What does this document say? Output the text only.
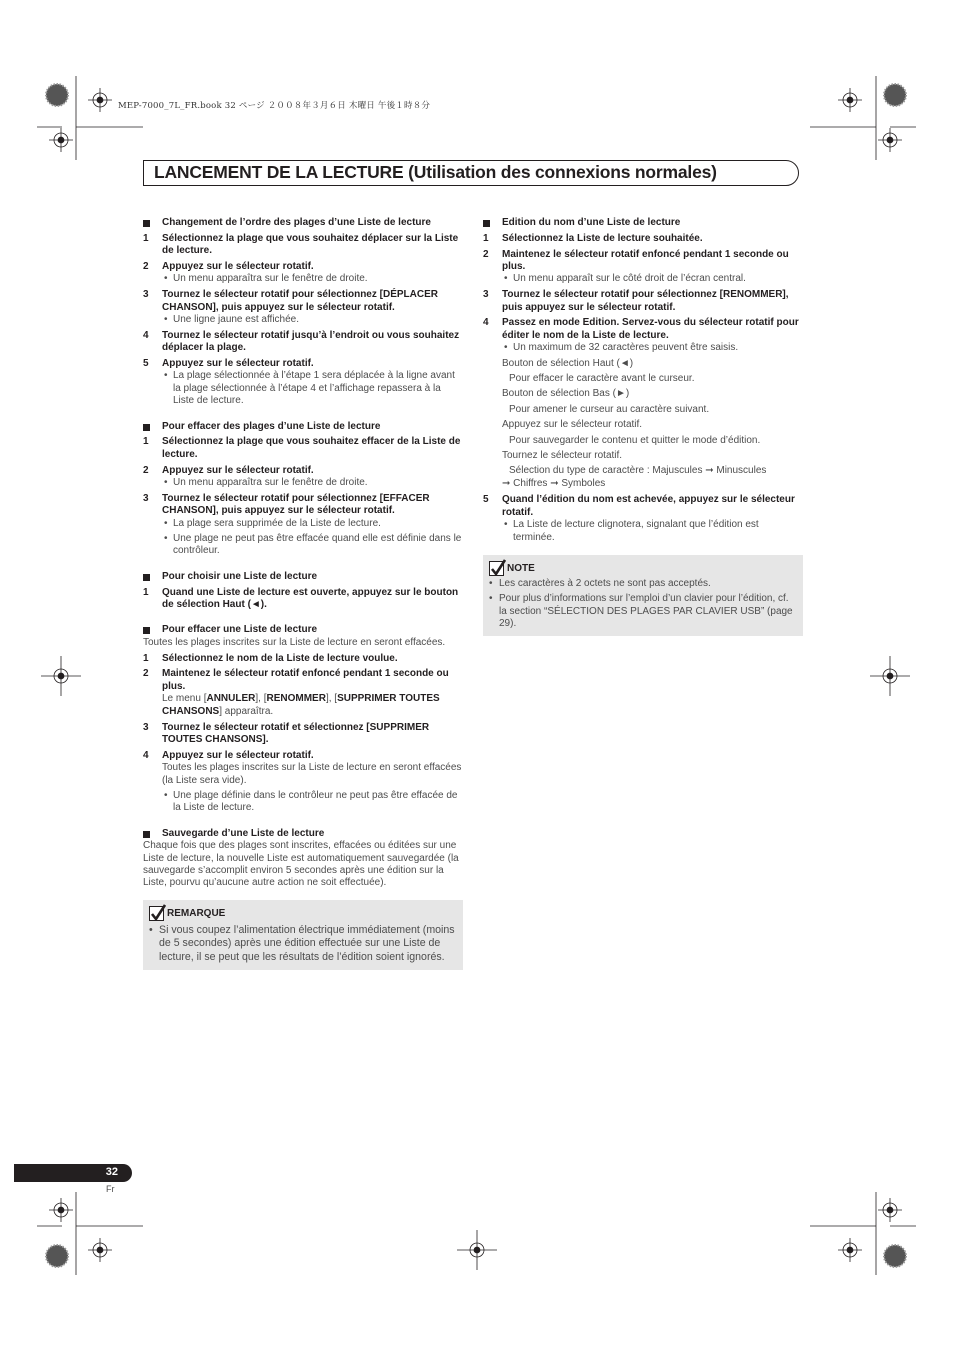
MEP-7000_7L_FR.book 32 ページ ２００８年３月６日 木曜日 午後１時８分
LANCEMENT DE LA LECTURE (Utilisation des connexions normales)
Changement de l’ordre des plages d’une Liste de lecture
1 Sélectionnez la plage que vous souhaitez déplacer sur la Liste de lecture.
2 Appuyez sur le sélecteur rotatif.
• Un menu apparaîtra sur le fenêtre de droite.
3 Tournez le sélecteur rotatif pour sélectionnez [DÉPLACER CHANSON], puis appuyez sur le sélecteur rotatif.
• Une ligne jaune est affichée.
4 Tournez le sélecteur rotatif jusqu’à l’endroit ou vous souhaitez déplacer la plage.
5 Appuyez sur le sélecteur rotatif.
• La plage sélectionnée à l’étape 1 sera déplacée à la ligne avant la plage sélectionnée à l’étape 4 et l’affichage repassera à la Liste de lecture.
Pour effacer des plages d’une Liste de lecture
1 Sélectionnez la plage que vous souhaitez effacer de la Liste de lecture.
2 Appuyez sur le sélecteur rotatif.
• Un menu apparaîtra sur le fenêtre de droite.
3 Tournez le sélecteur rotatif pour sélectionnez [EFFACER CHANSON], puis appuyez sur le sélecteur rotatif.
• La plage sera supprimée de la Liste de lecture.
• Une plage ne peut pas être effacée quand elle est définie dans le contrôleur.
Pour choisir une Liste de lecture
1 Quand une Liste de lecture est ouverte, appuyez sur le bouton de sélection Haut (◄).
Pour effacer une Liste de lecture
Toutes les plages inscrites sur la Liste de lecture en seront effacées.
1 Sélectionnez le nom de la Liste de lecture voulue.
2 Maintenez le sélecteur rotatif enfoncé pendant 1 seconde ou plus.
Le menu [ANNULER], [RENOMMER], [SUPPRIMER TOUTES CHANSONS] apparaîtra.
3 Tournez le sélecteur rotatif et sélectionnez [SUPPRIMER TOUTES CHANSONS].
4 Appuyez sur le sélecteur rotatif.
Toutes les plages inscrites sur la Liste de lecture en seront effacées (la Liste sera vide).
• Une plage définie dans le contrôleur ne peut pas être effacée de la Liste de lecture.
Sauvegarde d’une Liste de lecture
Chaque fois que des plages sont inscrites, effacées ou éditées sur une Liste de lecture, la nouvelle Liste est automatiquement sauvegardée (la sauvegarde s’accomplit environ 5 secondes après une édition sur la Liste, pourvu qu’aucune autre action ne soit effectuée).
REMARQUE
• Si vous coupez l’alimentation électrique immédiatement (moins de 5 secondes) après une édition effectuée sur une Liste de lecture, il se peut que les résultats de l’édition soient ignorés.
Edition du nom d’une Liste de lecture
1 Sélectionnez la Liste de lecture souhaitée.
2 Maintenez le sélecteur rotatif enfoncé pendant 1 seconde ou plus.
• Un menu apparaît sur le côté droit de l’écran central.
3 Tournez le sélecteur rotatif pour sélectionnez [RENOMMER], puis appuyez sur le sélecteur rotatif.
4 Passez en mode Edition. Servez-vous du sélecteur rotatif pour éditer le nom de la Liste de lecture.
• Un maximum de 32 caractères peuvent être saisis.
Bouton de sélection Haut (◄)
Pour effacer le caractère avant le curseur.
Bouton de sélection Bas (►)
Pour amener le curseur au caractère suivant.
Appuyez sur le sélecteur rotatif.
Pour sauvegarder le contenu et quitter le mode d’édition.
Tournez le sélecteur rotatif.
Sélection du type de caractère : Majuscules ➞ Minuscules
➞ Chiffres ➞ Symboles
5 Quand l’édition du nom est achevée, appuyez sur le sélecteur rotatif.
• La Liste de lecture clignotera, signalant que l’édition est terminée.
NOTE
• Les caractères à 2 octets ne sont pas acceptés.
• Pour plus d’informations sur l’emploi d’un clavier pour l’édition, cf. la section “SÉLECTION DES PLAGES PAR CLAVIER USB” (page 29).
32
Fr
